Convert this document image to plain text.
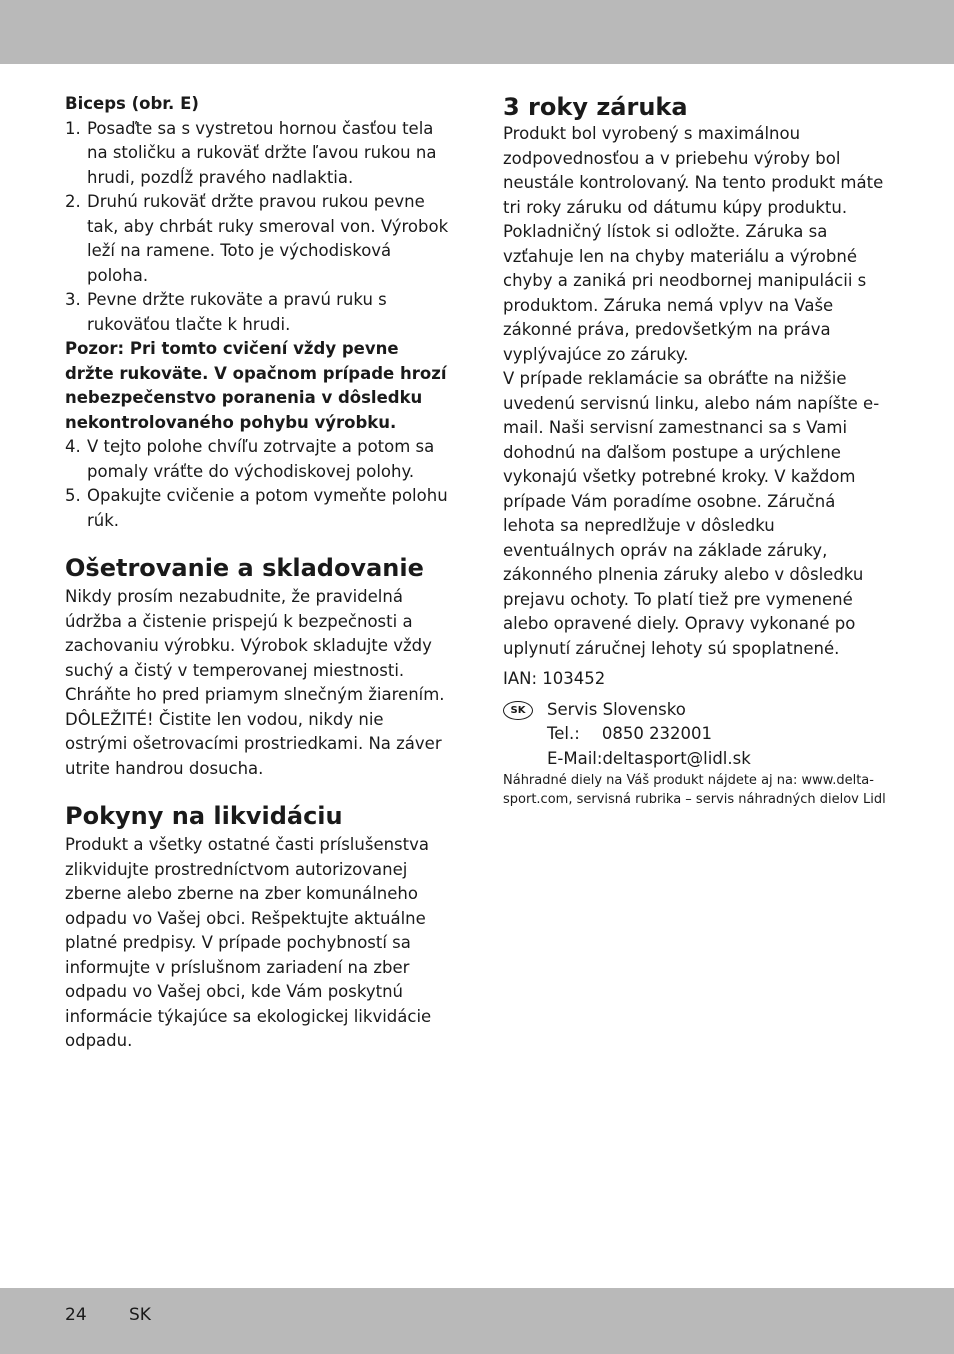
Biceps (obr. E)

1. Posaďte sa s vystretou hornou časťou tela na stoličku a rukoväť držte ľavou rukou na hrudi, pozdĺž pravého nadlaktia.
2. Druhú rukoväť držte pravou rukou pevne tak, aby chrbát ruky smeroval von. Výrobok leží na ramene. Toto je východisková poloha.
3. Pevne držte rukoväte a pravú ruku s rukoväťou tlačte k hrudi.

Pozor: Pri tomto cvičení vždy pevne držte rukoväte. V opačnom prípade hrozí nebezpečenstvo poranenia v dôsledku nekontrolovaného pohybu výrobku.

4. V tejto polohe chvíľu zotrvajte a potom sa pomaly vráťte do východiskovej polohy.
5. Opakujte cvičenie a potom vymeňte polohu rúk.
Ošetrovanie a skladovanie

Nikdy prosím nezabudnite, že pravidelná údržba a čistenie prispejú k bezpečnosti a zachovaniu výrobku. Výrobok skladujte vždy suchý a čistý v temperovanej miestnosti.

Chráňte ho pred priamym slnečným žiarením. DÔLEŽITÉ! Čistite len vodou, nikdy nie ostrými ošetrovacími prostriedkami. Na záver utrite handrou dosucha.

Pokyny na likvidáciu

Produkt a všetky ostatné časti príslušenstva zlikvidujte prostredníctvom autorizovanej zberne alebo zberne na zber komunálneho odpadu vo Vašej obci. Rešpektujte aktuálne platné predpisy. V prípade pochybností sa informujte v príslušnom zariadení na zber odpadu vo Vašej obci, kde Vám poskytnú informácie týkajúce sa ekologickej likvidácie odpadu.

3 roky záruka

Produkt bol vyrobený s maximálnou zodpovednosťou a v priebehu výroby bol neustále kontrolovaný. Na tento produkt máte tri roky záruku od dátumu kúpy produktu. Pokladničný lístok si odložte. Záruka sa vzťahuje len na chyby materiálu a výrobné chyby a zaniká pri neodbornej manipulácii s produktom. Záruka nemá vplyv na Vaše zákonné práva, predovšetkým na práva vyplývajúce zo záruky.

V prípade reklamácie sa obráťte na nižšie uvedenú servisnú linku, alebo nám napíšte e-mail. Naši servisní zamestnanci sa s Vami dohodnú na ďalšom postupe a urýchlene vykonajú všetky potrebné kroky. V každom prípade Vám poradíme osobne. Záručná lehota sa nepredlžuje v dôsledku eventuálnych opráv na základe záruky, zákonného plnenia záruky alebo v dôsledku prejavu ochoty. To platí tiež pre vymenené alebo opravené diely. Opravy vykonané po uplynutí záručnej lehoty sú spoplatnené.

IAN: 103452

SK	Servis Slovensko

Tel.: 0850 232001

E-Mail:deltasport@lidl.sk

Náhradné diely na Váš produkt nájdete aj na: www.delta-sport.com, servisná rubrika – servis náhradných dielov Lidl

24 SK
